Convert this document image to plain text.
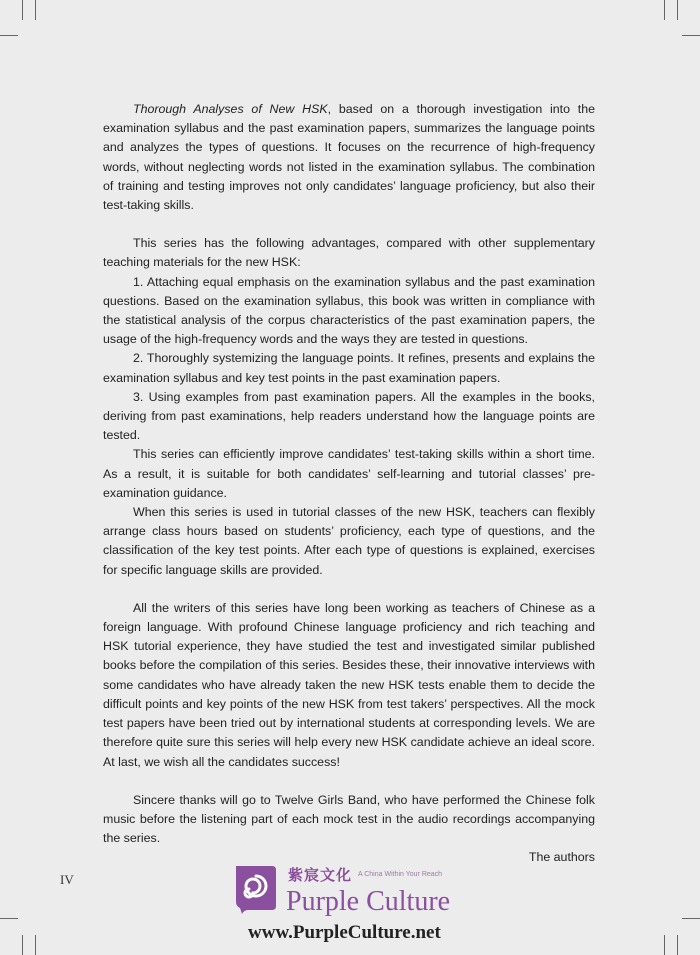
Thorough Analyses of New HSK, based on a thorough investigation into the examination syllabus and the past examination papers, summarizes the language points and analyzes the types of questions. It focuses on the recurrence of high-frequency words, without neglecting words not listed in the examination syllabus. The combination of training and testing improves not only candidates’ language proficiency, but also their test-taking skills.

This series has the following advantages, compared with other supplementary teaching materials for the new HSK:

1. Attaching equal emphasis on the examination syllabus and the past examination questions. Based on the examination syllabus, this book was written in compliance with the statistical analysis of the corpus characteristics of the past examination papers, the usage of the high-frequency words and the ways they are tested in questions.

2. Thoroughly systemizing the language points. It refines, presents and explains the examination syllabus and key test points in the past examination papers.

3. Using examples from past examination papers. All the examples in the books, deriving from past examinations, help readers understand how the language points are tested.

This series can efficiently improve candidates’ test-taking skills within a short time. As a result, it is suitable for both candidates’ self-learning and tutorial classes’ pre-examination guidance.

When this series is used in tutorial classes of the new HSK, teachers can flexibly arrange class hours based on students’ proficiency, each type of questions, and the classification of the key test points. After each type of questions is explained, exercises for specific language skills are provided.

All the writers of this series have long been working as teachers of Chinese as a foreign language. With profound Chinese language proficiency and rich teaching and HSK tutorial experience, they have studied the test and investigated similar published books before the compilation of this series. Besides these, their innovative interviews with some candidates who have already taken the new HSK tests enable them to decide the difficult points and key points of the new HSK from test takers’ perspectives. All the mock test papers have been tried out by international students at corresponding levels. We are therefore quite sure this series will help every new HSK candidate achieve an ideal score. At last, we wish all the candidates success!

Sincere thanks will go to Twelve Girls Band, who have performed the Chinese folk music before the listening part of each mock test in the audio recordings accompanying the series.

The authors

IV	紫宸文化 A China Within Your Reach
Purple Culture
www.PurpleCulture.net
